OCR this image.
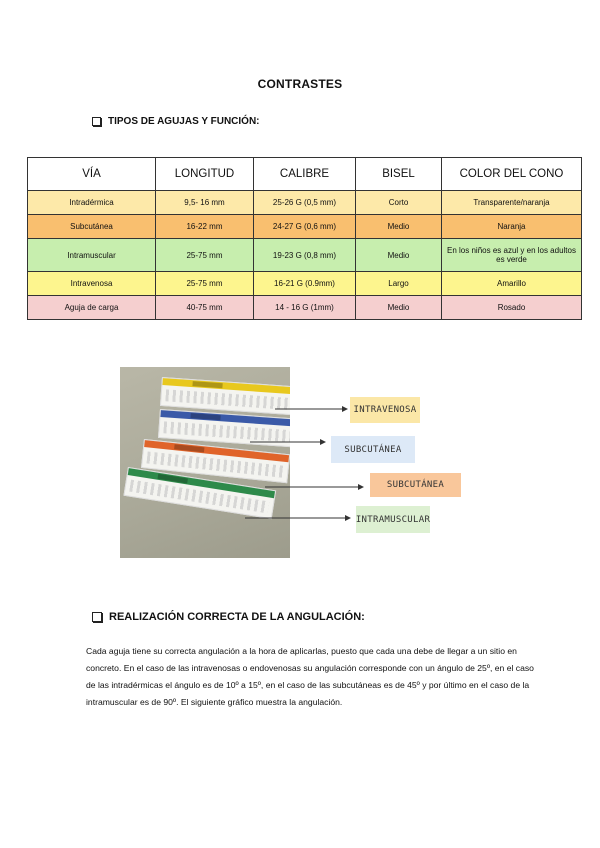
CONTRASTES
TIPOS DE AGUJAS Y FUNCIÓN:
VÍA	LONGITUD	CALIBRE	BISEL	COLOR DEL CONO
Intradérmica	9,5- 16 mm	25-26 G (0,5 mm)	Corto	Transparente/naranja
Subcutánea	16-22 mm	24-27 G (0,6 mm)	Medio	Naranja
Intramuscular	25-75 mm	19-23 G (0,8 mm)	Medio	En los niños es azul y en los adultos es verde
Intravenosa	25-75 mm	16-21 G (0.9mm)	Largo	Amarillo
Aguja de carga	40-75 mm	14 - 16 G (1mm)	Medio	Rosado
INTRAVENOSA
SUBCUTÁNEA
SUBCUTÁNEA
INTRAMUSCULAR
REALIZACIÓN CORRECTA DE LA ANGULACIÓN:
Cada aguja tiene su correcta angulación a la hora de aplicarlas, puesto que cada una debe de llegar a un sitio en concreto. En el caso de las intravenosas o endovenosas su angulación corresponde con un ángulo de 25º, en el caso de las intradérmicas el ángulo es de 10º a 15º, en el caso de las subcutáneas es de 45º y por último en el caso de la intramuscular es de 90º. El siguiente gráfico muestra la angulación.
